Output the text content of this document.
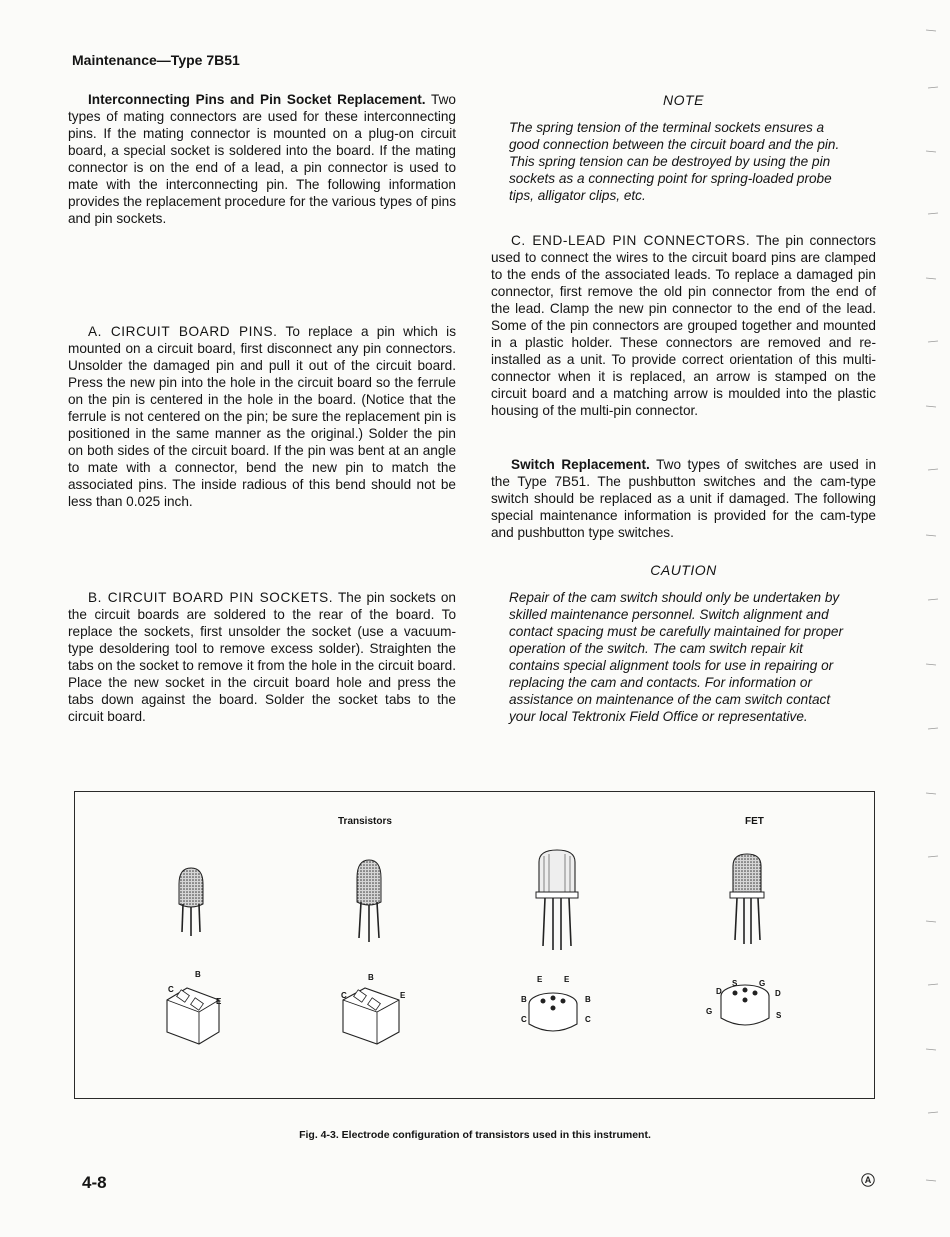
Maintenance—Type 7B51

Interconnecting Pins and Pin Socket Replacement. Two types of mating connectors are used for these interconnecting pins. If the mating connector is mounted on a plug-on circuit board, a special socket is soldered into the board. If the mating connector is on the end of a lead, a pin connector is used to mate with the interconnecting pin. The following information provides the replacement procedure for the various types of pins and pin sockets.

A. CIRCUIT BOARD PINS. To replace a pin which is mounted on a circuit board, first disconnect any pin connectors. Unsolder the damaged pin and pull it out of the circuit board. Press the new pin into the hole in the circuit board so the ferrule on the pin is centered in the hole in the board. (Notice that the ferrule is not centered on the pin; be sure the replacement pin is positioned in the same manner as the original.) Solder the pin on both sides of the circuit board. If the pin was bent at an angle to mate with a connector, bend the new pin to match the associated pins. The inside radious of this bend should not be less than 0.025 inch.

B. CIRCUIT BOARD PIN SOCKETS. The pin sockets on the circuit boards are soldered to the rear of the board. To replace the sockets, first unsolder the socket (use a vacuum-type desoldering tool to remove excess solder). Straighten the tabs on the socket to remove it from the hole in the circuit board. Place the new socket in the circuit board hole and press the tabs down against the board. Solder the socket tabs to the circuit board.

NOTE

The spring tension of the terminal sockets ensures a good connection between the circuit board and the pin. This spring tension can be destroyed by using the pin sockets as a connecting point for spring-loaded probe tips, alligator clips, etc.

C. END-LEAD PIN CONNECTORS. The pin connectors used to connect the wires to the circuit board pins are clamped to the ends of the associated leads. To replace a damaged pin connector, first remove the old pin connector from the end of the lead. Clamp the new pin connector to the end of the lead. Some of the pin connectors are grouped together and mounted in a plastic holder. These connectors are removed and re-installed as a unit. To provide correct orientation of this multi-connector when it is replaced, an arrow is stamped on the circuit board and a matching arrow is moulded into the plastic housing of the multi-pin connector.

Switch Replacement. Two types of switches are used in the Type 7B51. The pushbutton switches and the cam-type switch should be replaced as a unit if damaged. The following special maintenance information is provided for the cam-type and pushbutton type switches.

CAUTION

Repair of the cam switch should only be undertaken by skilled maintenance personnel. Switch alignment and contact spacing must be carefully maintained for proper operation of the switch. The cam switch repair kit contains special alignment tools for use in repairing or replacing the cam and contacts. For information or assistance on maintenance of the cam switch contact your local Tektronix Field Office or representative.

Transistors	FET
B
C
E
B
C	E
E	E
B	B
C	C
D
S	G
D
G	S
Fig. 4-3. Electrode configuration of transistors used in this instrument.
4-8	A
